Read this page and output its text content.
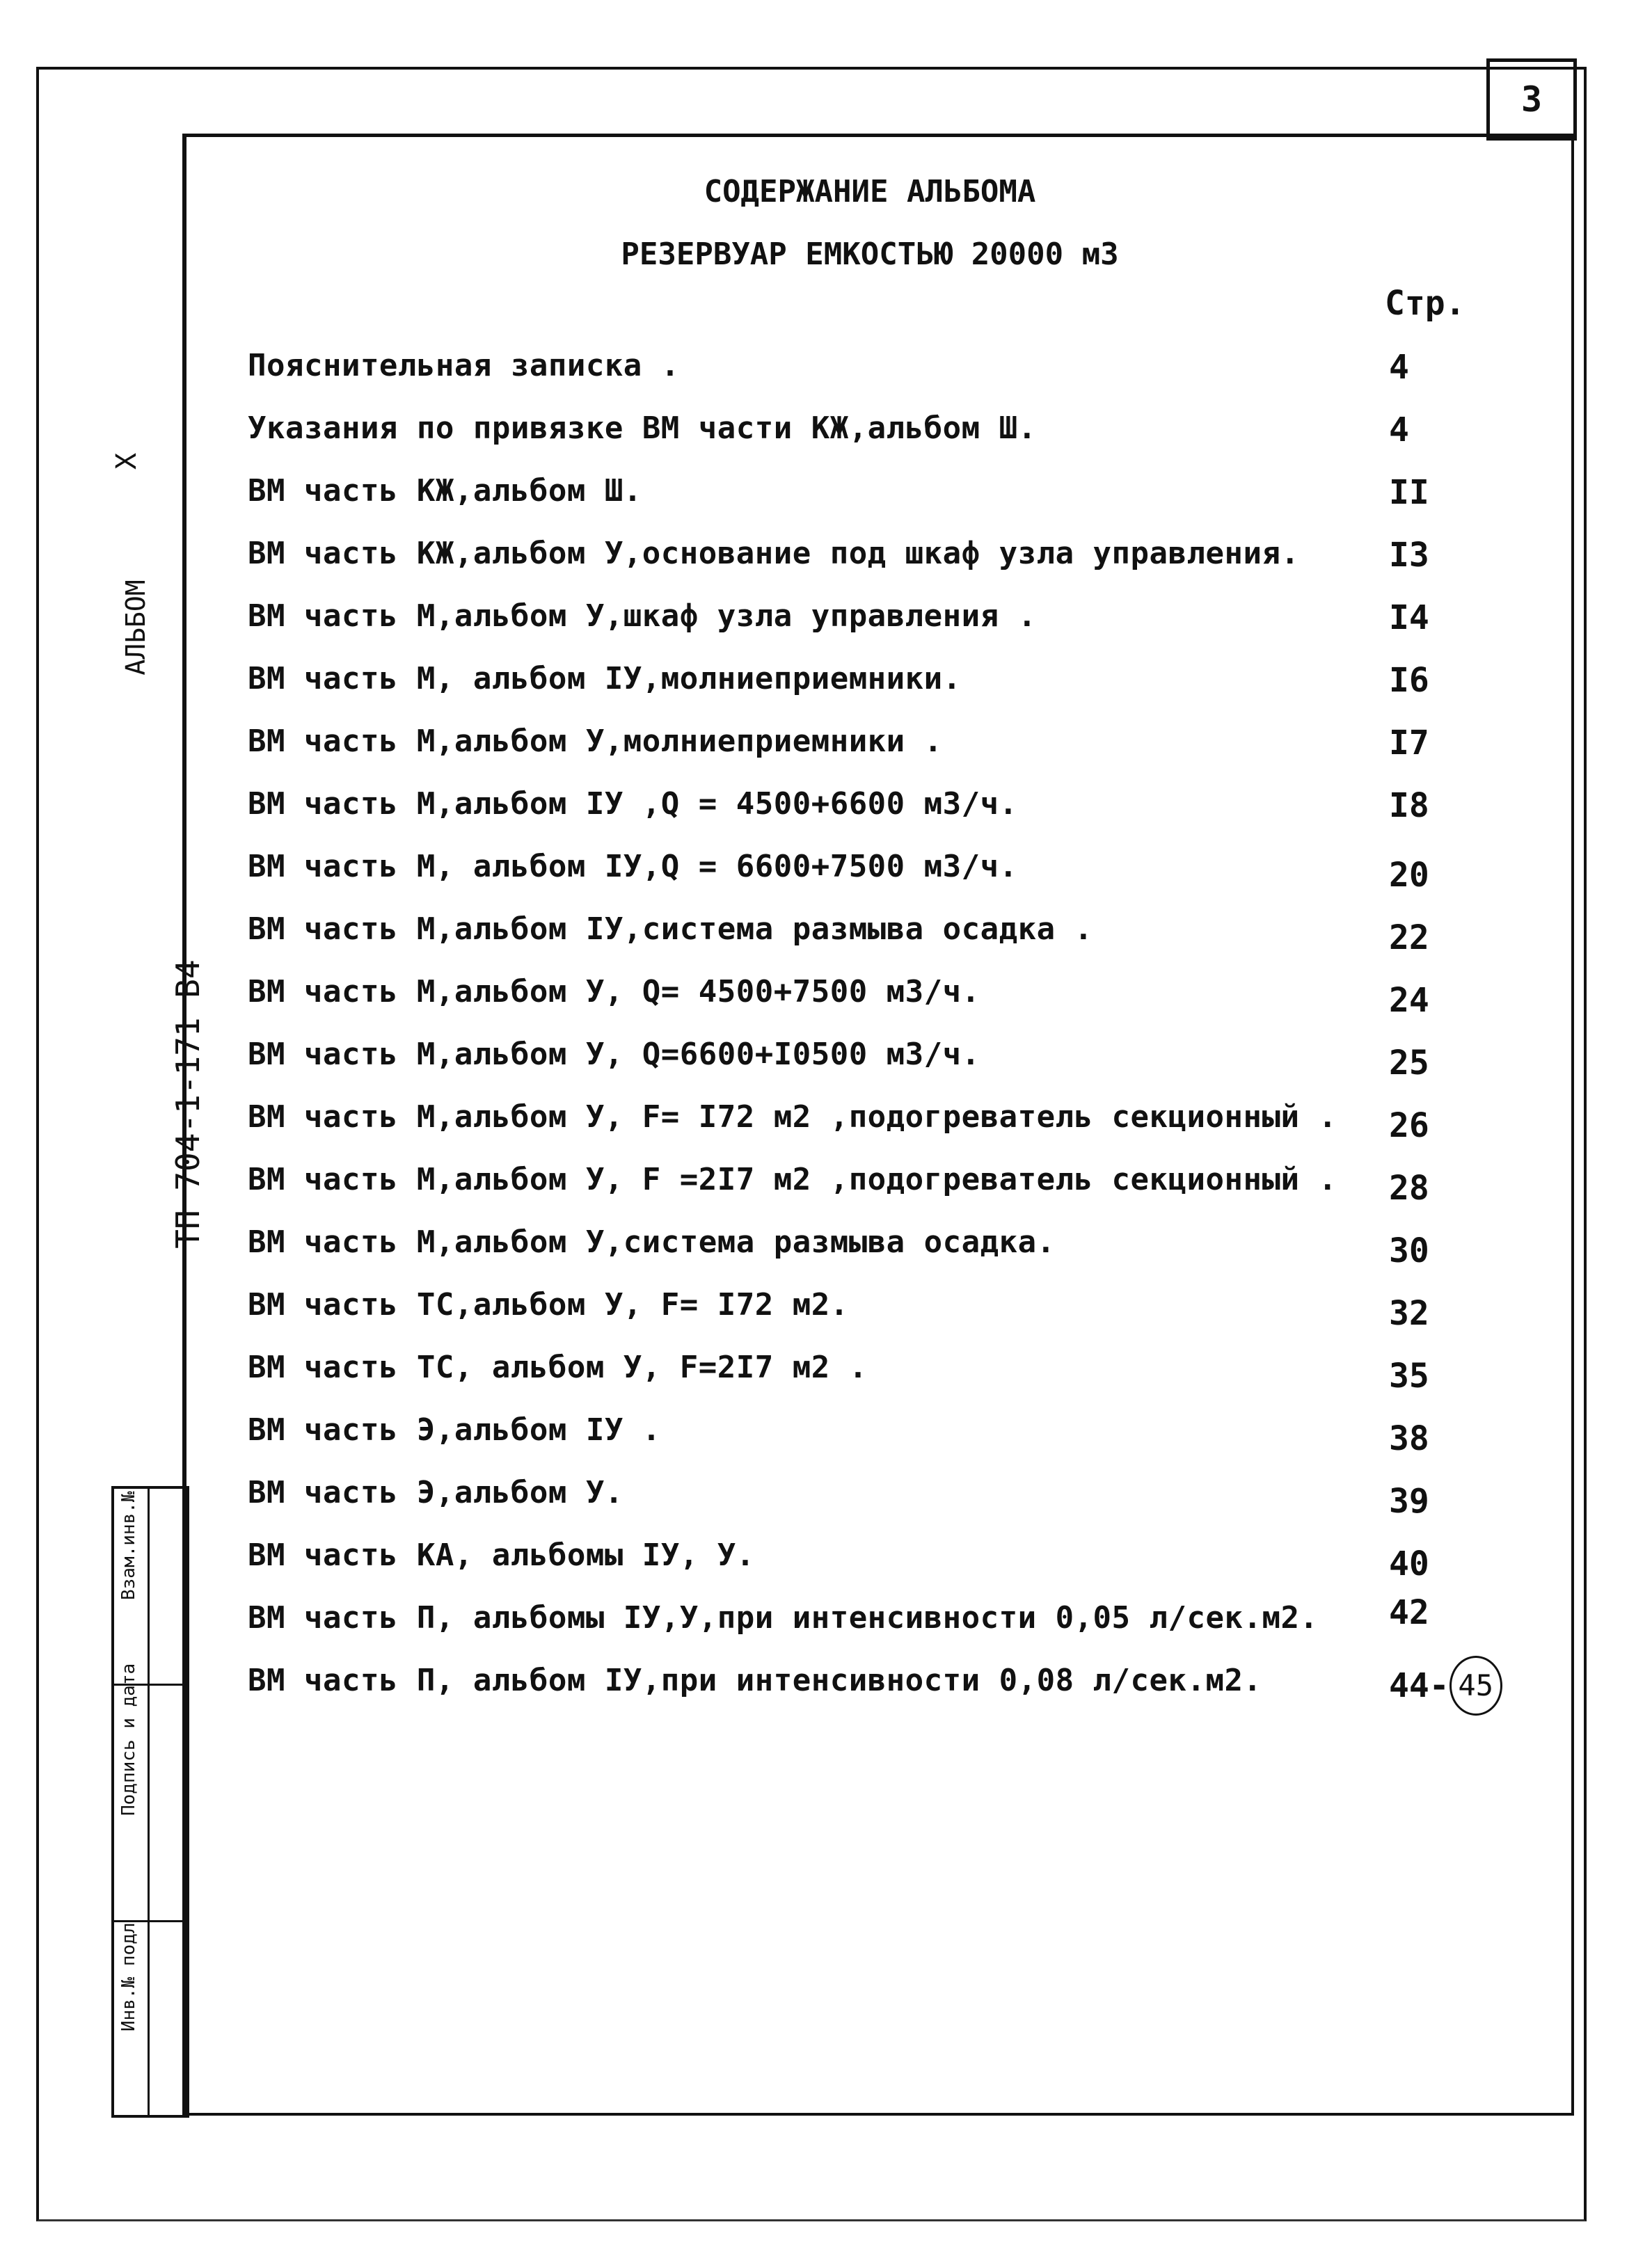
3
СОДЕРЖАНИЕ АЛЬБОМА
РЕЗЕРВУАР ЕМКОСТЬЮ 20000 м3
Стр.
Пояснительная записка .	4
Указания по привязке ВМ части КЖ,альбом Ш.	4
ВМ часть КЖ,альбом Ш.	II
ВМ часть КЖ,альбом У,основание под шкаф узла управления.	I3
ВМ часть М,альбом У,шкаф узла управления .	I4
ВМ часть М, альбом IУ,молниеприемники.	I6
ВМ часть М,альбом У,молниеприемники .	I7
ВМ часть М,альбом IУ ,Q = 4500+6600 м3/ч.	I8
ВМ часть М, альбом IУ,Q = 6600+7500 м3/ч.	20
ВМ часть М,альбом IУ,система размыва осадка .	22
ВМ часть М,альбом У, Q= 4500+7500 м3/ч.	24
ВМ часть М,альбом У, Q=6600+I0500 м3/ч.	25
ВМ часть М,альбом У, F= I72 м2 ,подогреватель секционный . 26
ВМ часть М,альбом У, F =2I7 м2 ,подогреватель секционный . 28
ВМ часть М,альбом У,система размыва осадка.	30
ВМ часть ТС,альбом У, F= I72 м2.	32
ВМ часть ТС, альбом У, F=2I7 м2 .	35
ВМ часть Э,альбом IУ .	38
ВМ часть Э,альбом У.	39
ВМ часть КА, альбомы IУ, У.	40
ВМ часть П, альбомы IУ,У,при интенсивности 0,05 л/сек.м2. 42
ВМ часть П, альбом IУ,при интенсивности 0,08 л/сек.м2.	44- 45
X
АЛЬБОМ
ТП 704-1-171 В4
Взам.инв.№
Подпись и дата
Инв.№ подл
